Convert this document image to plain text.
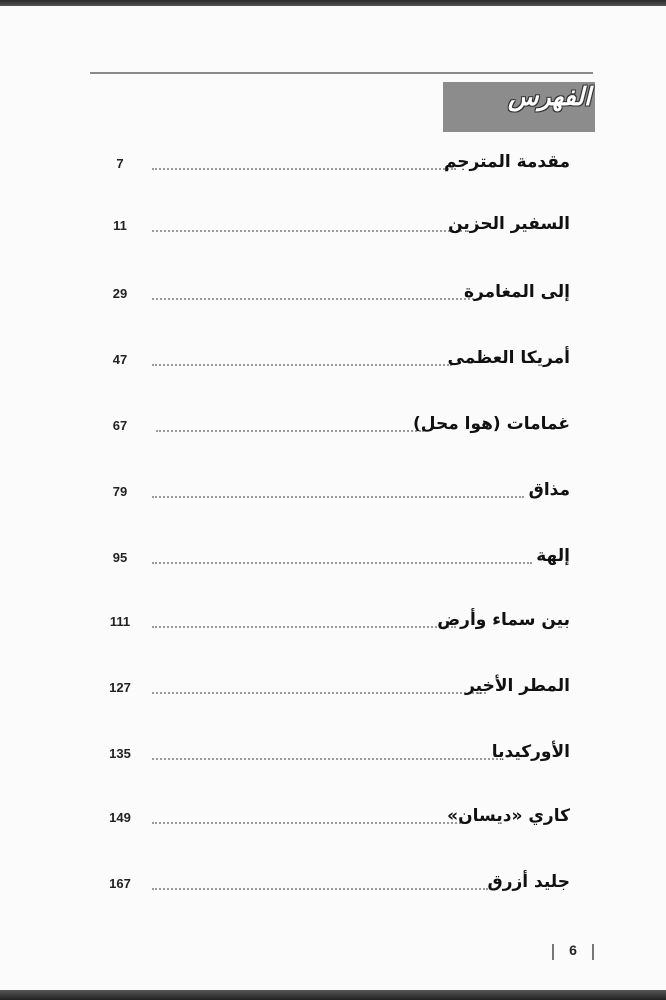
الفهرس
7	مقدمة المترجم
11	السفير الحزين
29	إلى المغامرة
47	أمريكا العظمى
67	غمامات (هوا محل)
79	مذاق
95	إلهة
111	بين سماء وأرض
127	المطر الأخير
135	الأوركيديا
149	كاري «ديسان»
167	جليد أزرق
6
